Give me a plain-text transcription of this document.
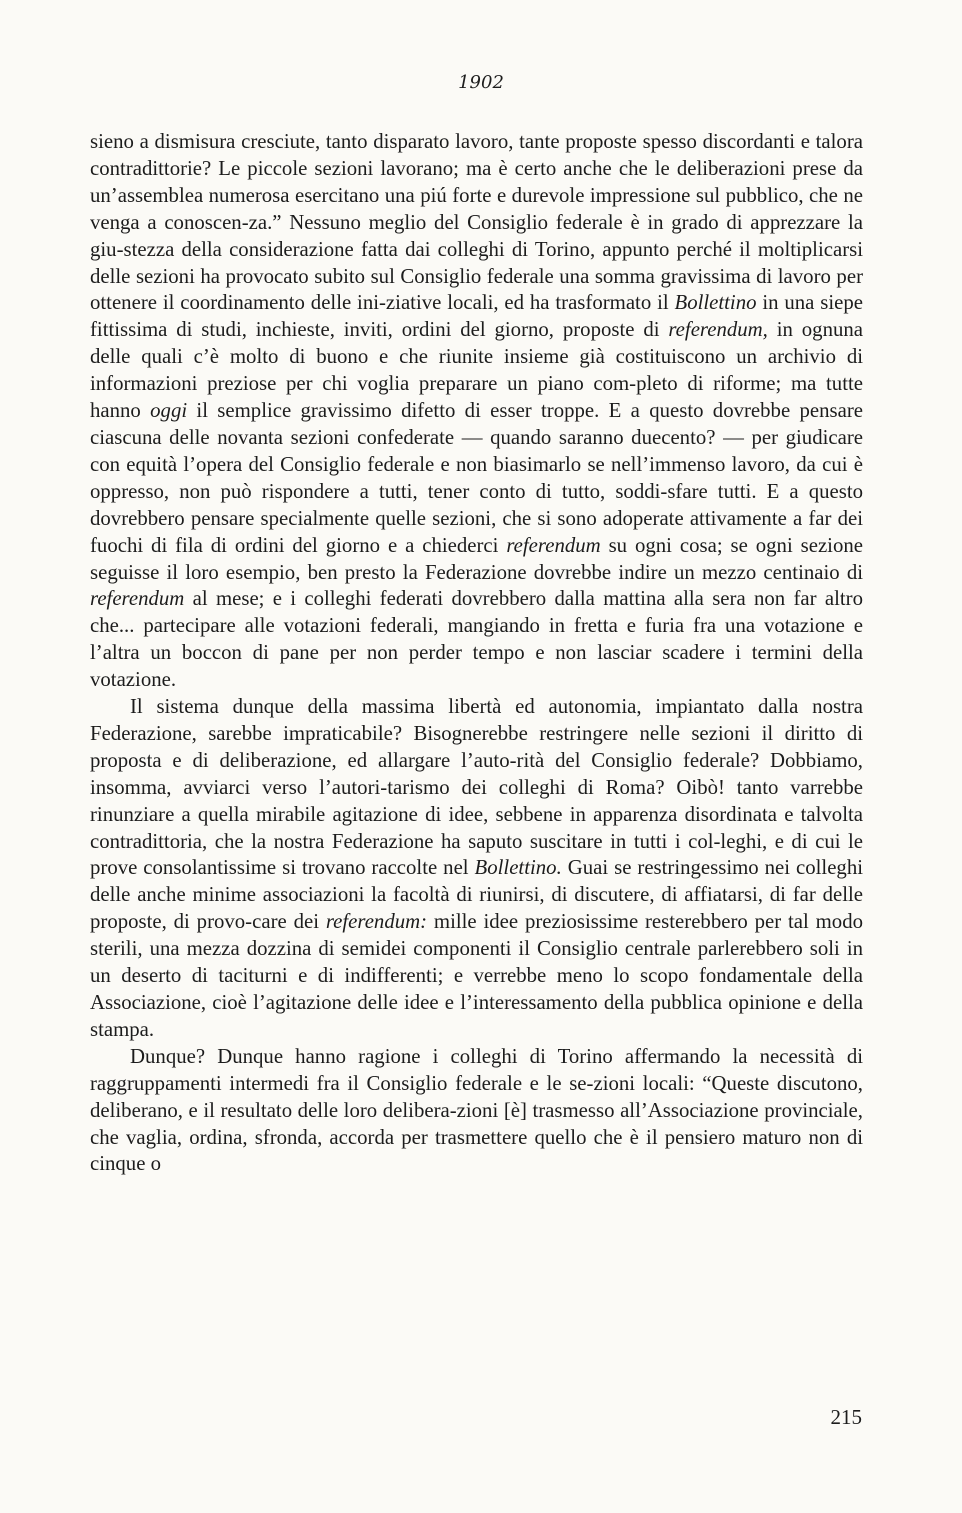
1902

sieno a dismisura cresciute, tanto disparato lavoro, tante proposte spesso discordanti e talora contradittorie? Le piccole sezioni lavorano; ma è certo anche che le deliberazioni prese da un’assemblea numerosa esercitano una piú forte e durevole impressione sul pubblico, che ne venga a conoscen-za.” Nessuno meglio del Consiglio federale è in grado di apprezzare la giu-stezza della considerazione fatta dai colleghi di Torino, appunto perché il moltiplicarsi delle sezioni ha provocato subito sul Consiglio federale una somma gravissima di lavoro per ottenere il coordinamento delle ini-ziative locali, ed ha trasformato il Bollettino in una siepe fittissima di studi, inchieste, inviti, ordini del giorno, proposte di referendum, in ognuna delle quali c’è molto di buono e che riunite insieme già costituiscono un archivio di informazioni preziose per chi voglia preparare un piano com-pleto di riforme; ma tutte hanno oggi il semplice gravissimo difetto di esser troppe. E a questo dovrebbe pensare ciascuna delle novanta sezioni confederate — quando saranno duecento? — per giudicare con equità l’opera del Consiglio federale e non biasimarlo se nell’immenso lavoro, da cui è oppresso, non può rispondere a tutti, tener conto di tutto, soddi-sfare tutti. E a questo dovrebbero pensare specialmente quelle sezioni, che si sono adoperate attivamente a far dei fuochi di fila di ordini del giorno e a chiederci referendum su ogni cosa; se ogni sezione seguisse il loro esempio, ben presto la Federazione dovrebbe indire un mezzo centinaio di referendum al mese; e i colleghi federati dovrebbero dalla mattina alla sera non far altro che... partecipare alle votazioni federali, mangiando in fretta e furia fra una votazione e l’altra un boccon di pane per non perder tempo e non lasciar scadere i termini della votazione.

Il sistema dunque della massima libertà ed autonomia, impiantato dalla nostra Federazione, sarebbe impraticabile? Bisognerebbe restringere nelle sezioni il diritto di proposta e di deliberazione, ed allargare l’auto-rità del Consiglio federale? Dobbiamo, insomma, avviarci verso l’autori-tarismo dei colleghi di Roma? Oibò! tanto varrebbe rinunziare a quella mirabile agitazione di idee, sebbene in apparenza disordinata e talvolta contradittoria, che la nostra Federazione ha saputo suscitare in tutti i col-leghi, e di cui le prove consolantissime si trovano raccolte nel Bollettino. Guai se restringessimo nei colleghi delle anche minime associazioni la facoltà di riunirsi, di discutere, di affiatarsi, di far delle proposte, di provo-care dei referendum: mille idee preziosissime resterebbero per tal modo sterili, una mezza dozzina di semidei componenti il Consiglio centrale parlerebbero soli in un deserto di taciturni e di indifferenti; e verrebbe meno lo scopo fondamentale della Associazione, cioè l’agitazione delle idee e l’interessamento della pubblica opinione e della stampa.

Dunque? Dunque hanno ragione i colleghi di Torino affermando la necessità di raggruppamenti intermedi fra il Consiglio federale e le se-zioni locali: “Queste discutono, deliberano, e il resultato delle loro delibera-zioni [è] trasmesso all’Associazione provinciale, che vaglia, ordina, sfronda, accorda per trasmettere quello che è il pensiero maturo non di cinque o

215
